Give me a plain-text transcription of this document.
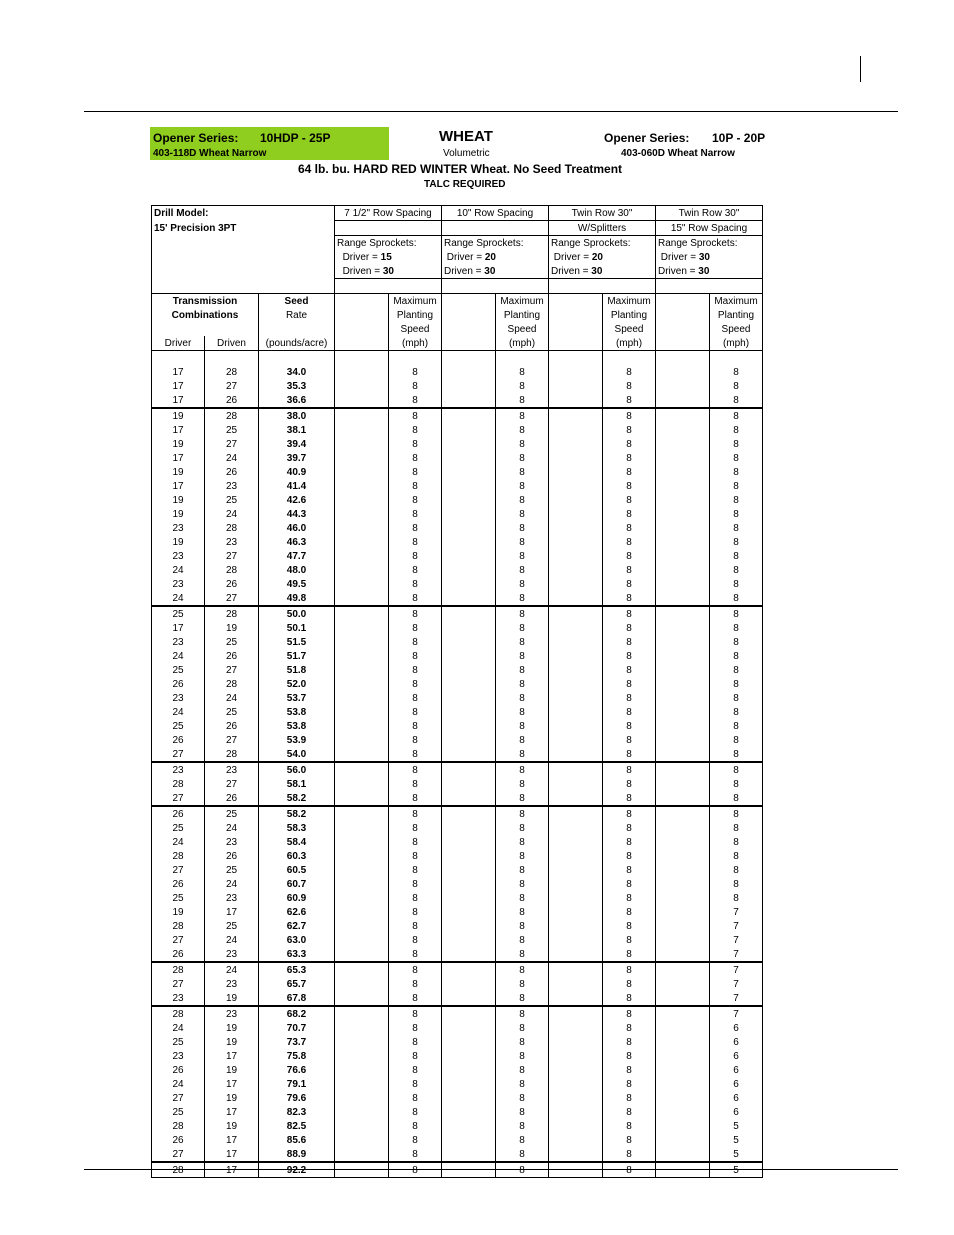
Opener Series: 10HDP - 25P
403-118D Wheat Narrow
WHEAT
Volumetric
Opener Series: 10P - 20P
403-060D Wheat Narrow
64 lb. bu. HARD RED WINTER Wheat. No Seed Treatment
TALC REQUIRED
Drill Model:			7 1/2" Row Spacing		10" Row Spacing		Twin Row 30"		Twin Row 30"	
15' Precision 3PT							W/Splitters		15" Row Spacing	
			Range Sprockets:		Range Sprockets:		Range Sprockets:		Range Sprockets:	
			Driver = 15		Driver = 20		Driver = 20		Driver = 30	
			Driven = 30		Driven = 30		Driven = 30		Driven = 30	

Transmission		Seed		Maximum		Maximum		Maximum		Maximum
Combinations		Rate		Planting		Planting		Planting		Planting
				Speed		Speed		Speed		Speed
Driver	Driven	(pounds/acre)		(mph)		(mph)		(mph)		(mph)

17	28	34.0		8		8		8		8
17	27	35.3		8		8		8		8
17	26	36.6		8		8		8		8
19	28	38.0		8		8		8		8
17	25	38.1		8		8		8		8
19	27	39.4		8		8		8		8
17	24	39.7		8		8		8		8
19	26	40.9		8		8		8		8
17	23	41.4		8		8		8		8
19	25	42.6		8		8		8		8
19	24	44.3		8		8		8		8
23	28	46.0		8		8		8		8
19	23	46.3		8		8		8		8
23	27	47.7		8		8		8		8
24	28	48.0		8		8		8		8
23	26	49.5		8		8		8		8
24	27	49.8		8		8		8		8
25	28	50.0		8		8		8		8
17	19	50.1		8		8		8		8
23	25	51.5		8		8		8		8
24	26	51.7		8		8		8		8
25	27	51.8		8		8		8		8
26	28	52.0		8		8		8		8
23	24	53.7		8		8		8		8
24	25	53.8		8		8		8		8
25	26	53.8		8		8		8		8
26	27	53.9		8		8		8		8
27	28	54.0		8		8		8		8
23	23	56.0		8		8		8		8
28	27	58.1		8		8		8		8
27	26	58.2		8		8		8		8
26	25	58.2		8		8		8		8
25	24	58.3		8		8		8		8
24	23	58.4		8		8		8		8
28	26	60.3		8		8		8		8
27	25	60.5		8		8		8		8
26	24	60.7		8		8		8		8
25	23	60.9		8		8		8		8
19	17	62.6		8		8		8		7
28	25	62.7		8		8		8		7
27	24	63.0		8		8		8		7
26	23	63.3		8		8		8		7
28	24	65.3		8		8		8		7
27	23	65.7		8		8		8		7
23	19	67.8		8		8		8		7
28	23	68.2		8		8		8		7
24	19	70.7		8		8		8		6
25	19	73.7		8		8		8		6
23	17	75.8		8		8		8		6
26	19	76.6		8		8		8		6
24	17	79.1		8		8		8		6
27	19	79.6		8		8		8		6
25	17	82.3		8		8		8		6
28	19	82.5		8		8		8		5
26	17	85.6		8		8		8		5
27	17	88.9		8		8		8		5
28	17	92.2		8		8		8		5
